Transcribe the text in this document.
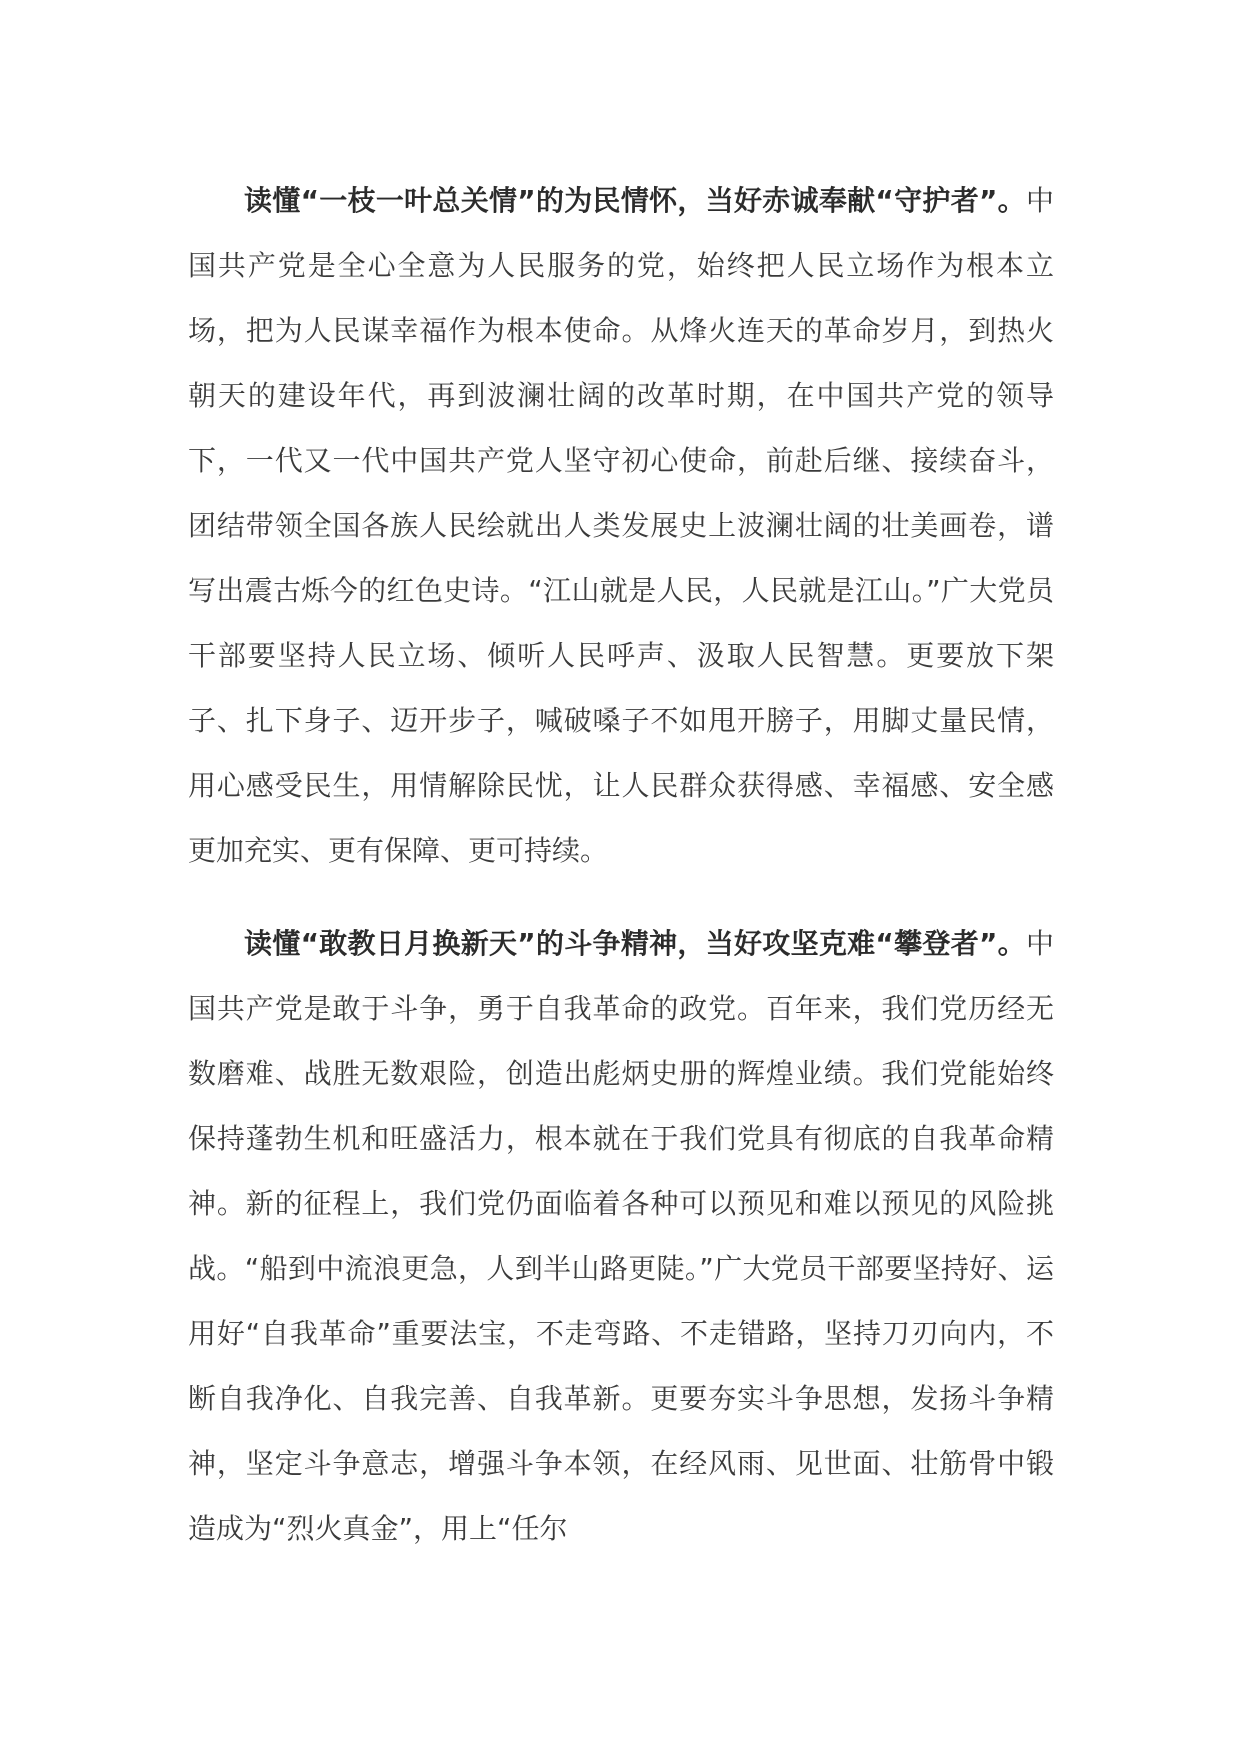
读懂“一枝一叶总关情”的为民情怀，当好赤诚奉献“守护者”。中国共产党是全心全意为人民服务的党，始终把人民立场作为根本立场，把为人民谋幸福作为根本使命。从烽火连天的革命岁月，到热火朝天的建设年代，再到波澜壮阔的改革时期，在中国共产党的领导下，一代又一代中国共产党人坚守初心使命，前赴后继、接续奋斗，团结带领全国各族人民绘就出人类发展史上波澜壮阔的壮美画卷，谱写出震古烁今的红色史诗。“江山就是人民，人民就是江山。”广大党员干部要坚持人民立场、倾听人民呼声、汲取人民智慧。更要放下架子、扎下身子、迈开步子，喊破嗓子不如甩开膀子，用脚丈量民情，用心感受民生，用情解除民忧，让人民群众获得感、幸福感、安全感更加充实、更有保障、更可持续。

读懂“敢教日月换新天”的斗争精神，当好攻坚克难“攀登者”。中国共产党是敢于斗争，勇于自我革命的政党。百年来，我们党历经无数磨难、战胜无数艰险，创造出彪炳史册的辉煌业绩。我们党能始终保持蓬勃生机和旺盛活力，根本就在于我们党具有彻底的自我革命精神。新的征程上，我们党仍面临着各种可以预见和难以预见的风险挑战。“船到中流浪更急，人到半山路更陡。”广大党员干部要坚持好、运用好“自我革命”重要法宝，不走弯路、不走错路，坚持刀刃向内，不断自我净化、自我完善、自我革新。更要夯实斗争思想，发扬斗争精神，坚定斗争意志，增强斗争本领，在经风雨、见世面、壮筋骨中锻造成为“烈火真金”，用上“任尔
